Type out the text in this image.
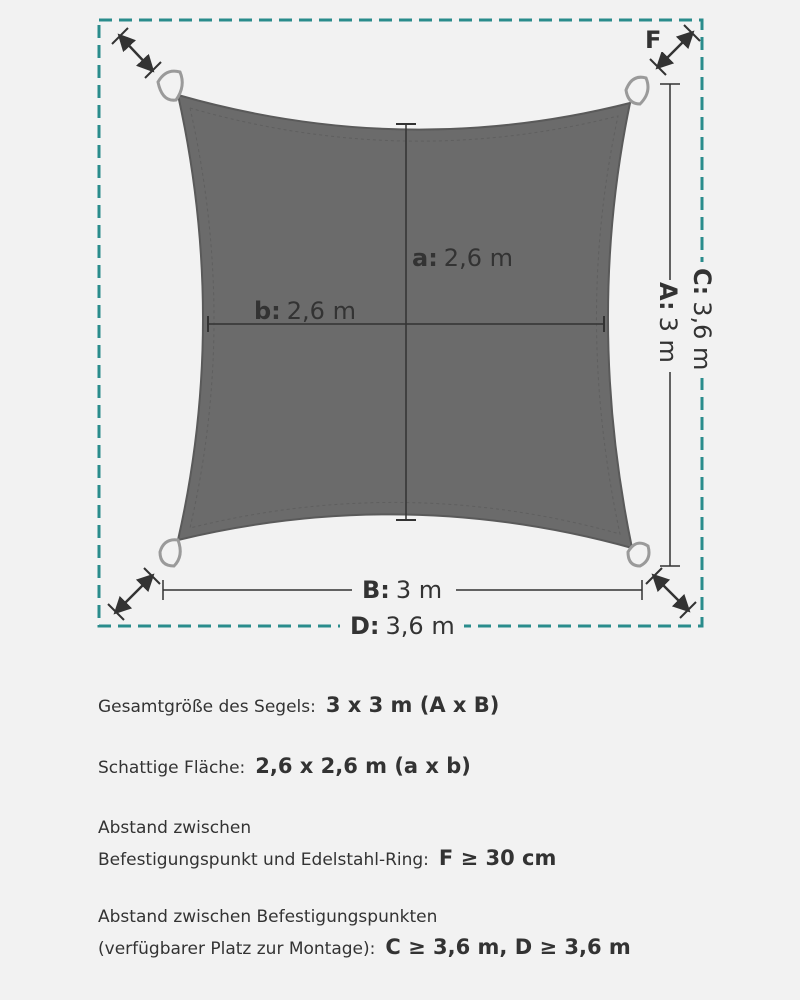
a: 2,6 m
b: 2,6 m
B: 3 m
D: 3,6 m
A:3 m
C:3,6 m
F
Gesamtgröße des Segels: 3 x 3 m (A x B)
Schattige Fläche: 2,6 x 2,6 m (a x b)
Abstand zwischen
Befestigungspunkt und Edelstahl-Ring: F ≥ 30 cm
Abstand zwischen Befestigungspunkten
(verfügbarer Platz zur Montage): C ≥ 3,6 m, D ≥ 3,6 m
